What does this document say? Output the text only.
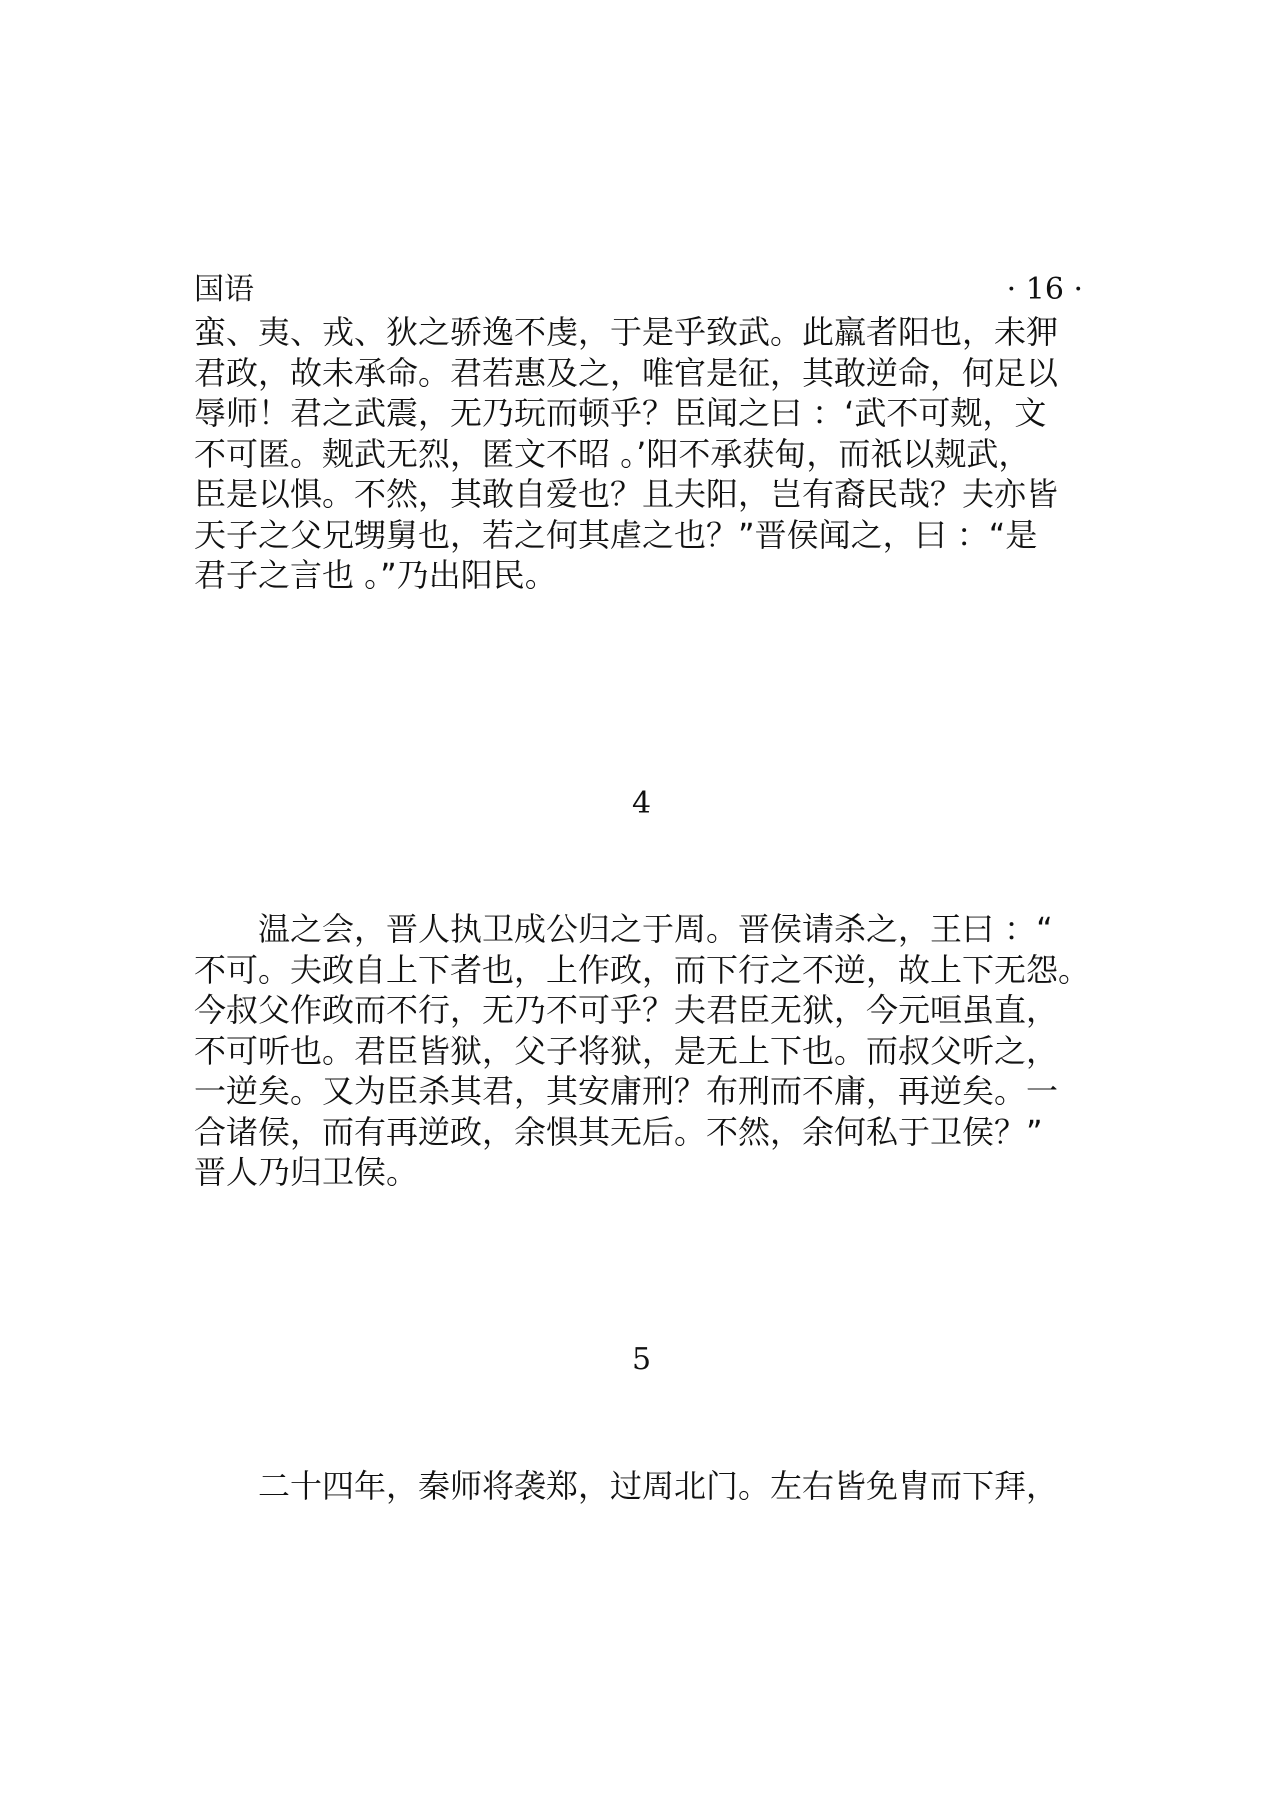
国语	· 16 ·
蛮、夷、戎、狄之骄逸不虔，于是乎致武。此羸者阳也，未狎
君政，故未承命。君若惠及之，唯官是征，其敢逆命，何足以
辱师！君之武震，无乃玩而顿乎？臣闻之曰 ：‘武不可觌，文
不可匿。觌武无烈，匿文不昭 。’阳不承获甸，而祇以觌武，
臣是以惧。不然，其敢自爱也？且夫阳，岂有裔民哉？夫亦皆
天子之父兄甥舅也，若之何其虐之也？”晋侯闻之，曰 ：“是
君子之言也 。”乃出阳民。
4
温之会，晋人执卫成公归之于周。晋侯请杀之，王曰 ：“
不可。夫政自上下者也，上作政，而下行之不逆，故上下无怨。
今叔父作政而不行，无乃不可乎？夫君臣无狱，今元咺虽直，
不可听也。君臣皆狱，父子将狱，是无上下也。而叔父听之，
一逆矣。又为臣杀其君，其安庸刑？布刑而不庸，再逆矣。一
合诸侯，而有再逆政，余惧其无后。不然，余何私于卫侯？”
晋人乃归卫侯。
5
二十四年，秦师将袭郑，过周北门。左右皆免胄而下拜，
